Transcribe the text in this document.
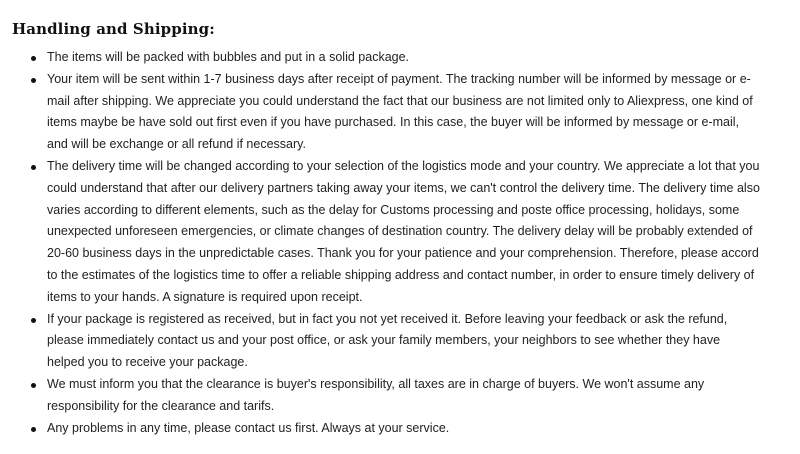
Handling and Shipping:
The items will be packed with bubbles and put in a solid package.
Your item will be sent within 1-7 business days after receipt of payment. The tracking number will be informed by message or e-mail after shipping. We appreciate you could understand the fact that our business are not limited only to Aliexpress, one kind of items maybe be have sold out first even if you have purchased. In this case, the buyer will be informed by message or e-mail, and will be exchange or all refund if necessary.
The delivery time will be changed according to your selection of the logistics mode and your country. We appreciate a lot that you could understand that after our delivery partners taking away your items, we can't control the delivery time. The delivery time also varies according to different elements, such as the delay for Customs processing and poste office processing, holidays, some unexpected unforeseen emergencies, or climate changes of destination country. The delivery delay will be probably extended of 20-60 business days in the unpredictable cases. Thank you for your patience and your comprehension. Therefore, please accord to the estimates of the logistics time to offer a reliable shipping address and contact number, in order to ensure timely delivery of items to your hands. A signature is required upon receipt.
If your package is registered as received, but in fact you not yet received it. Before leaving your feedback or ask the refund, please immediately contact us and your post office, or ask your family members, your neighbors to see whether they have helped you to receive your package.
We must inform you that the clearance is buyer's responsibility, all taxes are in charge of buyers. We won't assume any responsibility for the clearance and tarifs.
Any problems in any time, please contact us first. Always at your service.
